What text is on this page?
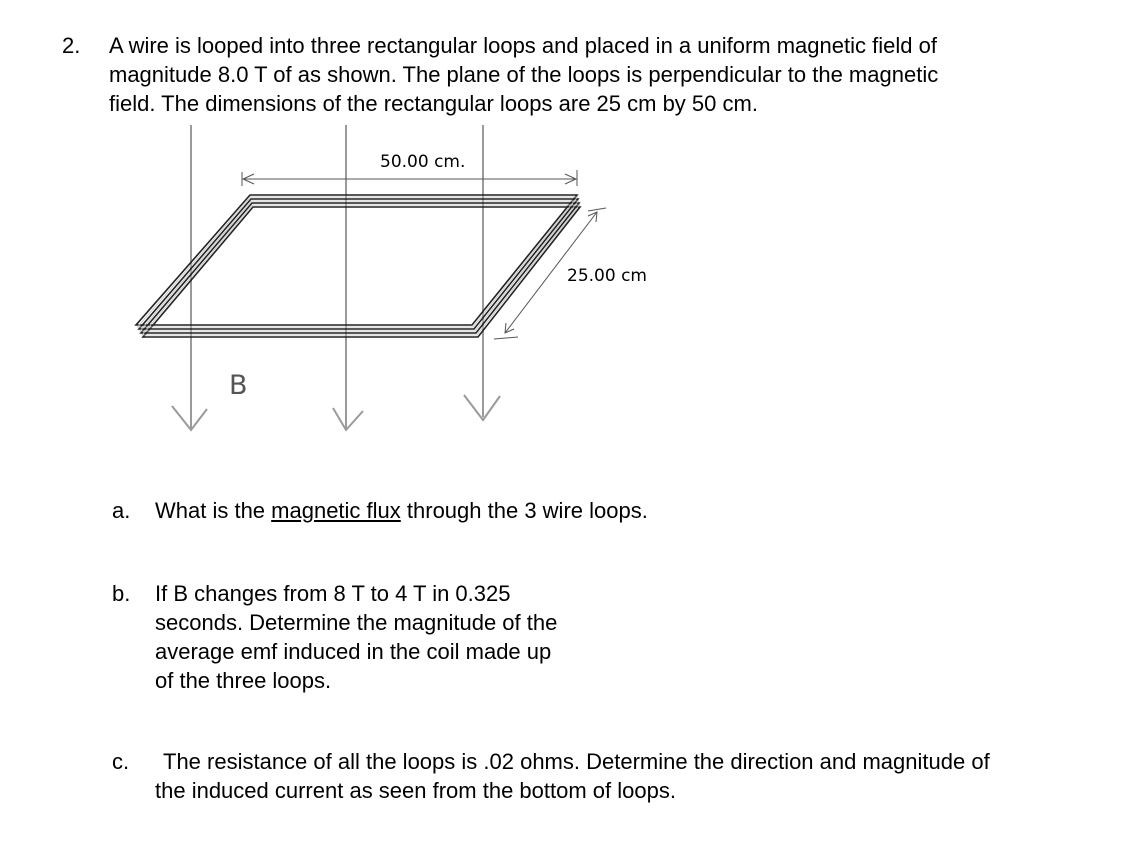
2. A wire is looped into three rectangular loops and placed in a uniform magnetic field of
magnitude 8.0 T of as shown. The plane of the loops is perpendicular to the magnetic
field. The dimensions of the rectangular loops are 25 cm by 50 cm.
50.00 cm.
25.00 cm
B
a. What is the magnetic flux through the 3 wire loops.
b. If B changes from 8 T to 4 T in 0.325
seconds. Determine the magnitude of the
average emf induced in the coil made up
of the three loops.
c.	The resistance of all the loops is .02 ohms. Determine the direction and magnitude of
the induced current as seen from the bottom of loops.
